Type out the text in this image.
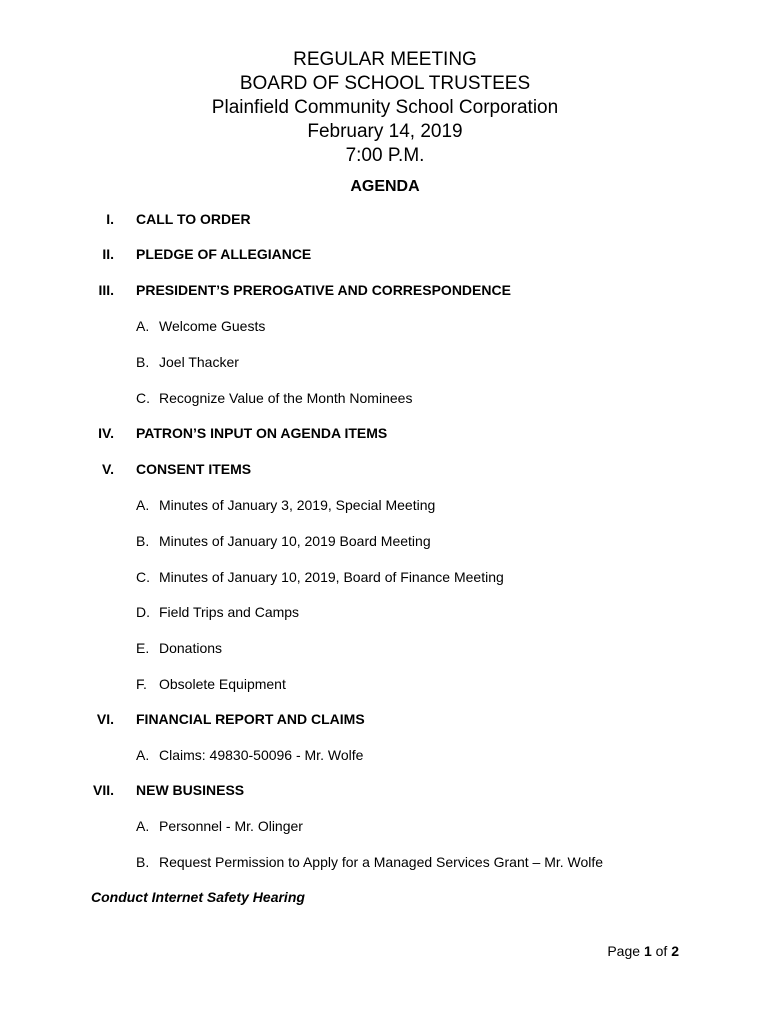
REGULAR MEETING

BOARD OF SCHOOL TRUSTEES

Plainfield Community School Corporation

February 14, 2019

7:00 P.M.

AGENDA

I. CALL TO ORDER
II. PLEDGE OF ALLEGIANCE
III. PRESIDENT’S PREROGATIVE AND CORRESPONDENCE
A. Welcome Guests
B. Joel Thacker
C. Recognize Value of the Month Nominees
IV. PATRON’S INPUT ON AGENDA ITEMS
V. CONSENT ITEMS
A. Minutes of January 3, 2019, Special Meeting
B. Minutes of January 10, 2019 Board Meeting
C. Minutes of January 10, 2019, Board of Finance Meeting
D. Field Trips and Camps
E. Donations
F. Obsolete Equipment
VI. FINANCIAL REPORT AND CLAIMS
A. Claims: 49830-50096 - Mr. Wolfe
VII. NEW BUSINESS
A. Personnel - Mr. Olinger
B. Request Permission to Apply for a Managed Services Grant – Mr. Wolfe
Conduct Internet Safety Hearing
Page 1 of 2
